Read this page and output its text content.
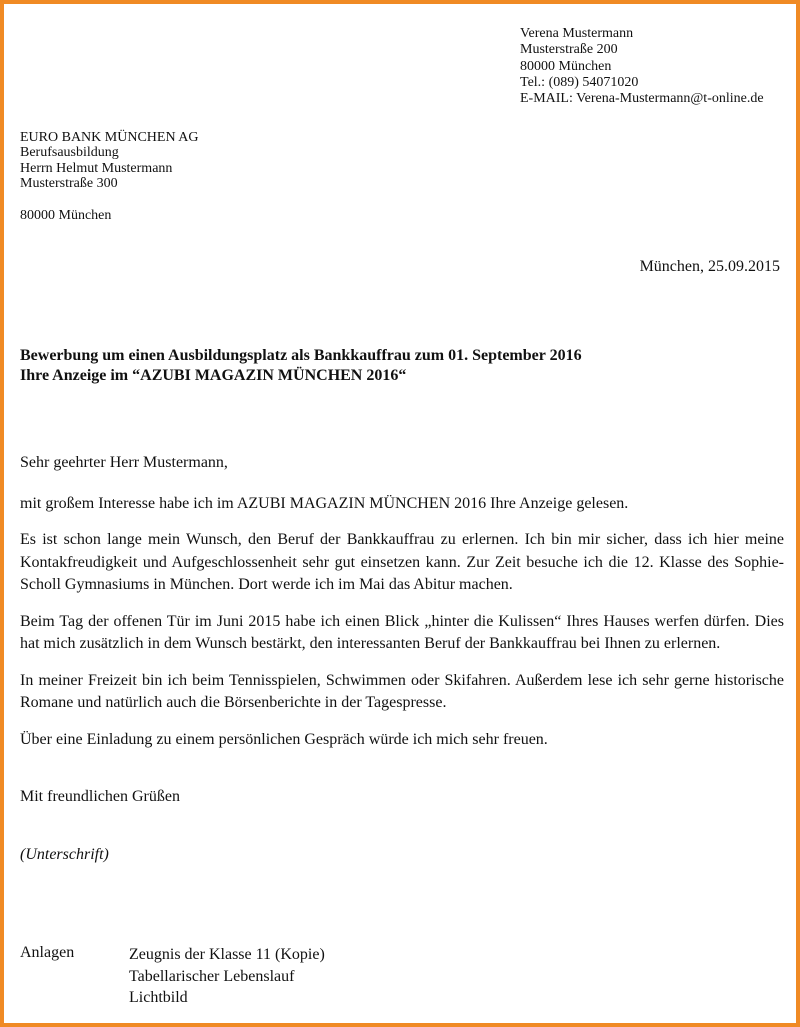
Verena Mustermann
Musterstraße 200
80000 München
Tel.: (089) 54071020
E-MAIL: Verena-Mustermann@t-online.de
EURO BANK MÜNCHEN AG
Berufsausbildung
Herrn Helmut Mustermann
Musterstraße 300
80000 München
München, 25.09.2015
Bewerbung um einen Ausbildungsplatz als Bankkauffrau zum 01. September 2016
Ihre Anzeige im “AZUBI MAGAZIN MÜNCHEN 2016“

Sehr geehrter Herr Mustermann,

mit großem Interesse habe ich im AZUBI MAGAZIN MÜNCHEN 2016 Ihre Anzeige gelesen.

Es ist schon lange mein Wunsch, den Beruf der Bankkauffrau zu erlernen. Ich bin mir sicher, dass ich hier meine Kontakfreudigkeit und Aufgeschlossenheit sehr gut einsetzen kann. Zur Zeit besuche ich die 12. Klasse des Sophie-Scholl Gymnasiums in München. Dort werde ich im Mai das Abitur machen.

Beim Tag der offenen Tür im Juni 2015 habe ich einen Blick „hinter die Kulissen“ Ihres Hauses werfen dürfen. Dies hat mich zusätzlich in dem Wunsch bestärkt, den interessanten Beruf der Bankkauffrau bei Ihnen zu erlernen.

In meiner Freizeit bin ich beim Tennisspielen, Schwimmen oder Skifahren. Außerdem lese ich sehr gerne historische Romane und natürlich auch die Börsenberichte in der Tagespresse.

Über eine Einladung zu einem persönlichen Gespräch würde ich mich sehr freuen.

Mit freundlichen Grüßen
(Unterschrift)
Anlagen	Zeugnis der Klasse 11 (Kopie)
Tabellarischer Lebenslauf
Lichtbild
